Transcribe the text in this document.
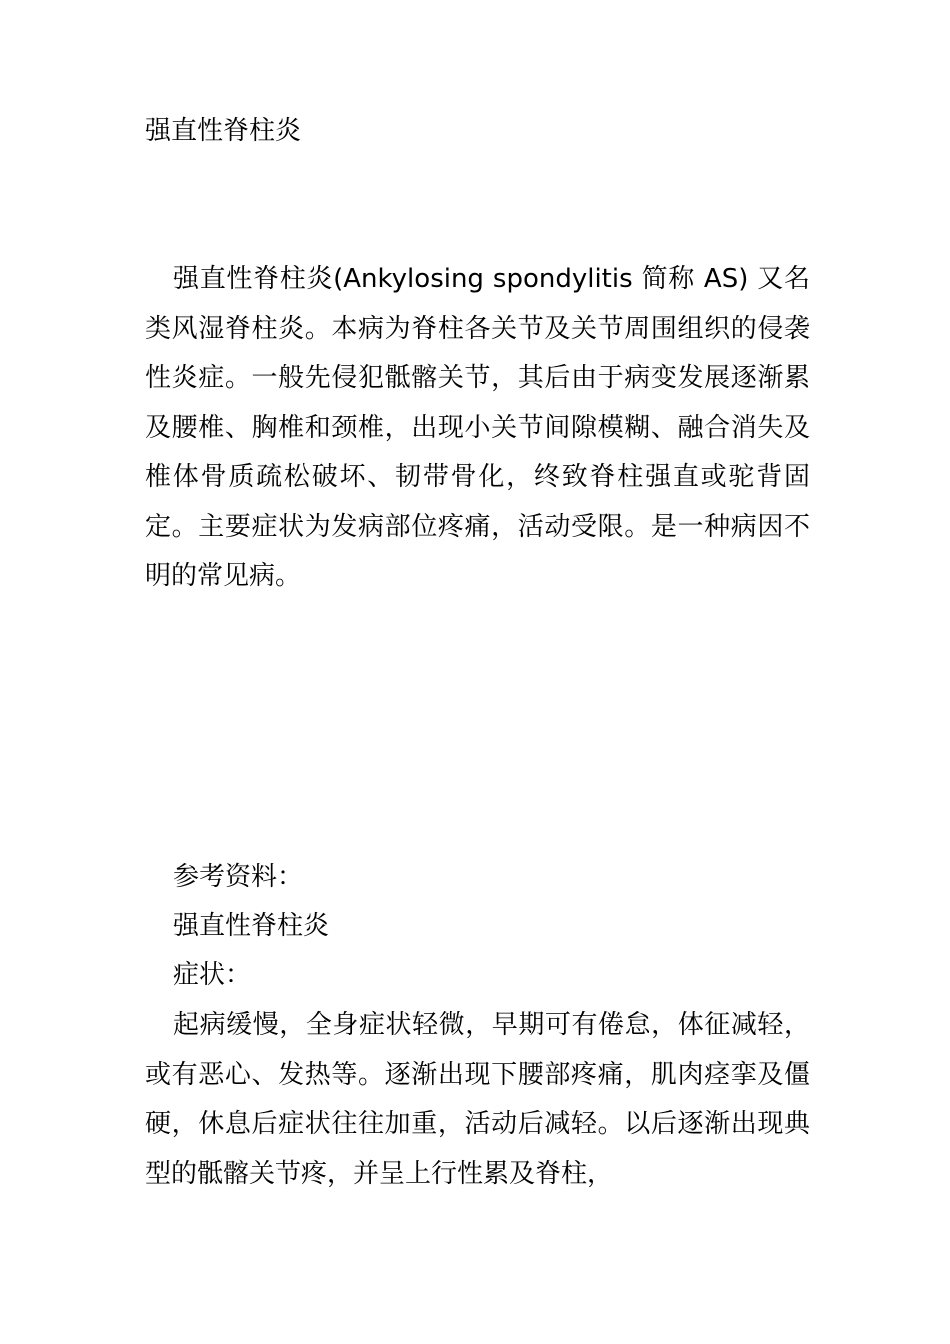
强直性脊柱炎

强直性脊柱炎(Ankylosing spondylitis 简称 AS) 又名类风湿脊柱炎。本病为脊柱各关节及关节周围组织的侵袭性炎症。一般先侵犯骶髂关节，其后由于病变发展逐渐累及腰椎、胸椎和颈椎，出现小关节间隙模糊、融合消失及椎体骨质疏松破坏、韧带骨化，终致脊柱强直或驼背固定。主要症状为发病部位疼痛，活动受限。是一种病因不明的常见病。

参考资料：

强直性脊柱炎

症状：

起病缓慢，全身症状轻微，早期可有倦怠，体征减轻，或有恶心、发热等。逐渐出现下腰部疼痛，肌肉痉挛及僵硬，休息后症状往往加重，活动后减轻。以后逐渐出现典型的骶髂关节疼，并呈上行性累及脊柱，
